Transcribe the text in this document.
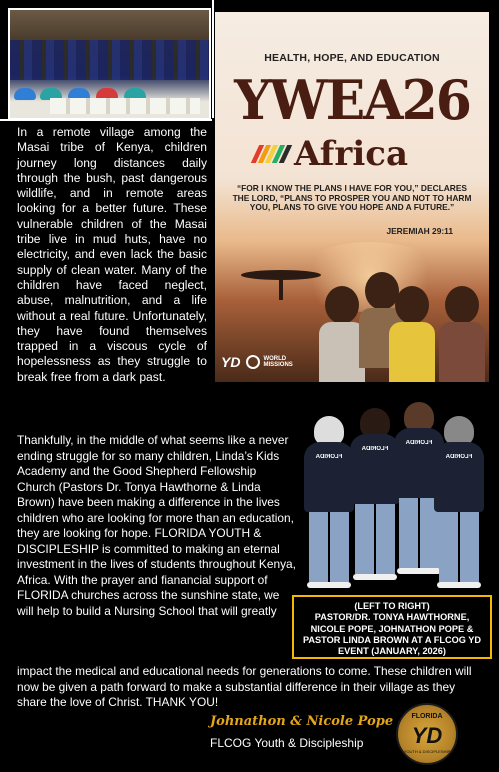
HEALTH, HOPE, AND EDUCATION
YWEA26
Africa
“FOR I KNOW THE PLANS I HAVE FOR YOU,” DECLARES THE LORD, “PLANS TO PROSPER YOU AND NOT TO HARM YOU, PLANS TO GIVE YOU HOPE AND A FUTURE.”
JEREMIAH 29:11
YD	WORLD
MISSIONS

In a remote village among the Masai tribe of Kenya, children journey long distances daily through the bush, past dangerous wildlife, and in remote areas looking for a better future. These vulnerable children of the Masai tribe live in mud huts, have no electricity, and even lack the basic supply of clean water. Many of the children have faced neglect, abuse, malnutrition, and a life without a real future. Unfortunately, they have found themselves trapped in a viscous cycle of hopelessness as they struggle to break free from a dark past.

Thankfully, in the middle of what seems like a never ending struggle for so many children, Linda’s Kids Academy and the Good Shepherd Fellowship Church (Pastors Dr. Tonya Hawthorne & Linda Brown) have been making a difference in the lives children who are looking for more than an education, they are looking for hope. FLORIDA YOUTH & DISCIPLESHIP is committed to making an eternal investment in the lives of students throughout Kenya, Africa. With the prayer and fianancial support of FLORIDA churches across the sunshine state, we will help to build a Nursing School that will greatly

impact the medical and educational needs for generations to come. These children will now be given a path forward to make a substantial difference in their village as they share the love of Christ. THANK YOU!

FLORIDA
FLORIDA
FLORIDA
FLORIDA
(LEFT TO RIGHT)
PASTOR/DR. TONYA HAWTHORNE, NICOLE POPE, JOHNATHON POPE & PASTOR LINDA BROWN AT A FLCOG YD EVENT (JANUARY, 2026)
Johnathon & Nicole Pope
FLCOG Youth & Discipleship
FLORIDA
YD
YOUTH & DISCIPLESHIP
